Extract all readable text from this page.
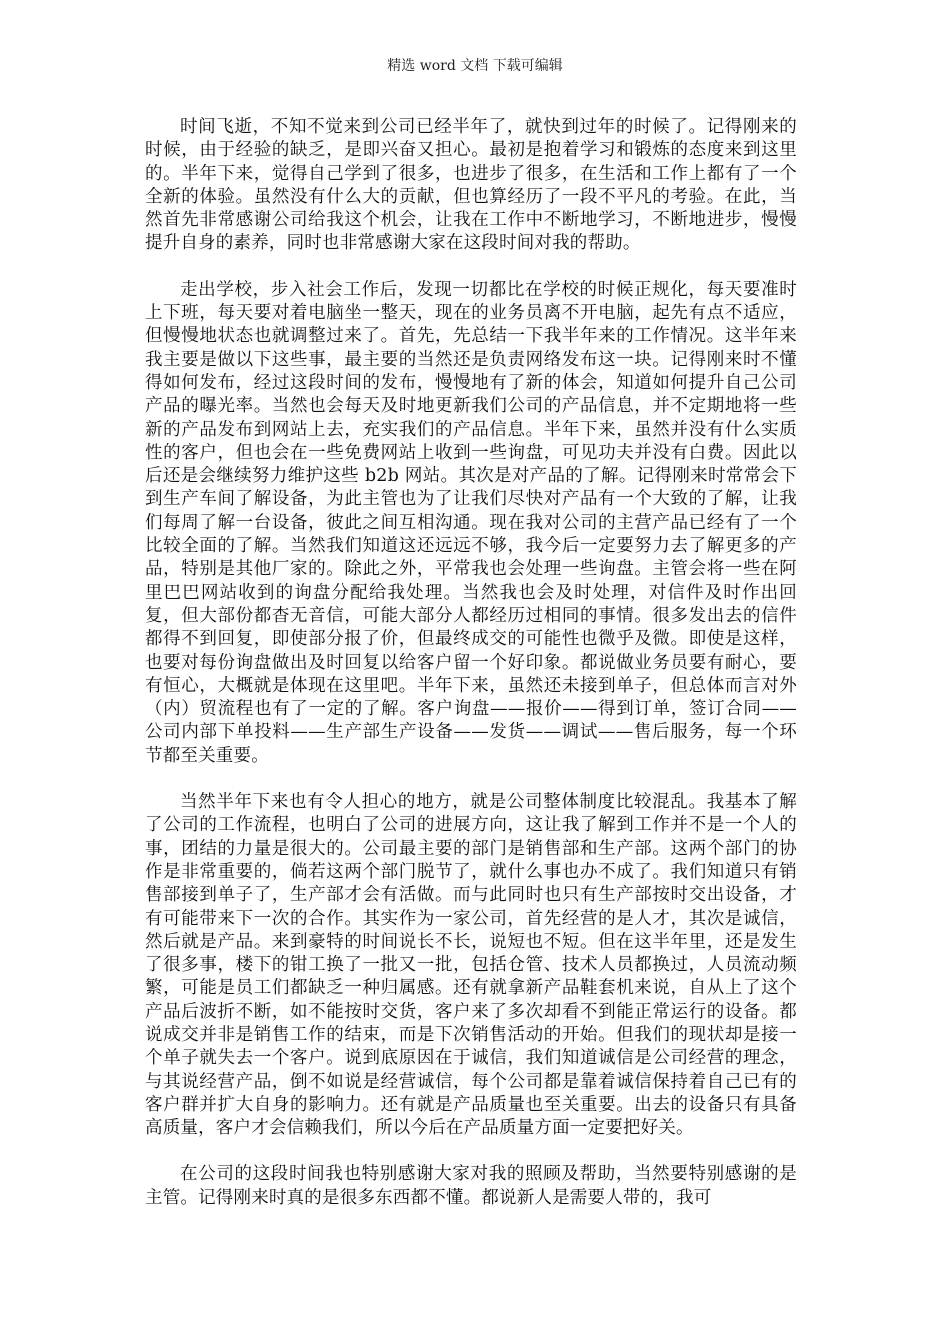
精选 word 文档 下载可编辑

时间飞逝，不知不觉来到公司已经半年了，就快到过年的时候了。记得刚来的时候，由于经验的缺乏，是即兴奋又担心。最初是抱着学习和锻炼的态度来到这里的。半年下来，觉得自己学到了很多，也进步了很多，在生活和工作上都有了一个全新的体验。虽然没有什么大的贡献，但也算经历了一段不平凡的考验。在此，当然首先非常感谢公司给我这个机会，让我在工作中不断地学习，不断地进步，慢慢提升自身的素养，同时也非常感谢大家在这段时间对我的帮助。

走出学校，步入社会工作后，发现一切都比在学校的时候正规化，每天要准时上下班，每天要对着电脑坐一整天，现在的业务员离不开电脑，起先有点不适应，但慢慢地状态也就调整过来了。首先，先总结一下我半年来的工作情况。这半年来我主要是做以下这些事，最主要的当然还是负责网络发布这一块。记得刚来时不懂得如何发布，经过这段时间的发布，慢慢地有了新的体会，知道如何提升自己公司产品的曝光率。当然也会每天及时地更新我们公司的产品信息，并不定期地将一些新的产品发布到网站上去，充实我们的产品信息。半年下来，虽然并没有什么实质性的客户，但也会在一些免费网站上收到一些询盘，可见功夫并没有白费。因此以后还是会继续努力维护这些 b2b 网站。其次是对产品的了解。记得刚来时常常会下到生产车间了解设备，为此主管也为了让我们尽快对产品有一个大致的了解，让我们每周了解一台设备，彼此之间互相沟通。现在我对公司的主营产品已经有了一个比较全面的了解。当然我们知道这还远远不够，我今后一定要努力去了解更多的产品，特别是其他厂家的。除此之外，平常我也会处理一些询盘。主管会将一些在阿里巴巴网站收到的询盘分配给我处理。当然我也会及时处理，对信件及时作出回复，但大部份都杳无音信，可能大部分人都经历过相同的事情。很多发出去的信件都得不到回复，即使部分报了价，但最终成交的可能性也微乎及微。即使是这样，也要对每份询盘做出及时回复以给客户留一个好印象。都说做业务员要有耐心，要有恒心，大概就是体现在这里吧。半年下来，虽然还未接到单子，但总体而言对外（内）贸流程也有了一定的了解。客户询盘——报价——得到订单，签订合同——公司内部下单投料——生产部生产设备——发货——调试——售后服务，每一个环节都至关重要。

当然半年下来也有令人担心的地方，就是公司整体制度比较混乱。我基本了解了公司的工作流程，也明白了公司的进展方向，这让我了解到工作并不是一个人的事，团结的力量是很大的。公司最主要的部门是销售部和生产部。这两个部门的协作是非常重要的，倘若这两个部门脱节了，就什么事也办不成了。我们知道只有销售部接到单子了，生产部才会有活做。而与此同时也只有生产部按时交出设备，才有可能带来下一次的合作。其实作为一家公司，首先经营的是人才，其次是诚信，然后就是产品。来到豪特的时间说长不长，说短也不短。但在这半年里，还是发生了很多事，楼下的钳工换了一批又一批，包括仓管、技术人员都换过，人员流动频繁，可能是员工们都缺乏一种归属感。还有就拿新产品鞋套机来说，自从上了这个产品后波折不断，如不能按时交货，客户来了多次却看不到能正常运行的设备。都说成交并非是销售工作的结束，而是下次销售活动的开始。但我们的现状却是接一个单子就失去一个客户。说到底原因在于诚信，我们知道诚信是公司经营的理念，与其说经营产品，倒不如说是经营诚信，每个公司都是靠着诚信保持着自己已有的客户群并扩大自身的影响力。还有就是产品质量也至关重要。出去的设备只有具备高质量，客户才会信赖我们，所以今后在产品质量方面一定要把好关。

在公司的这段时间我也特别感谢大家对我的照顾及帮助，当然要特别感谢的是主管。记得刚来时真的是很多东西都不懂。都说新人是需要人带的，我可
